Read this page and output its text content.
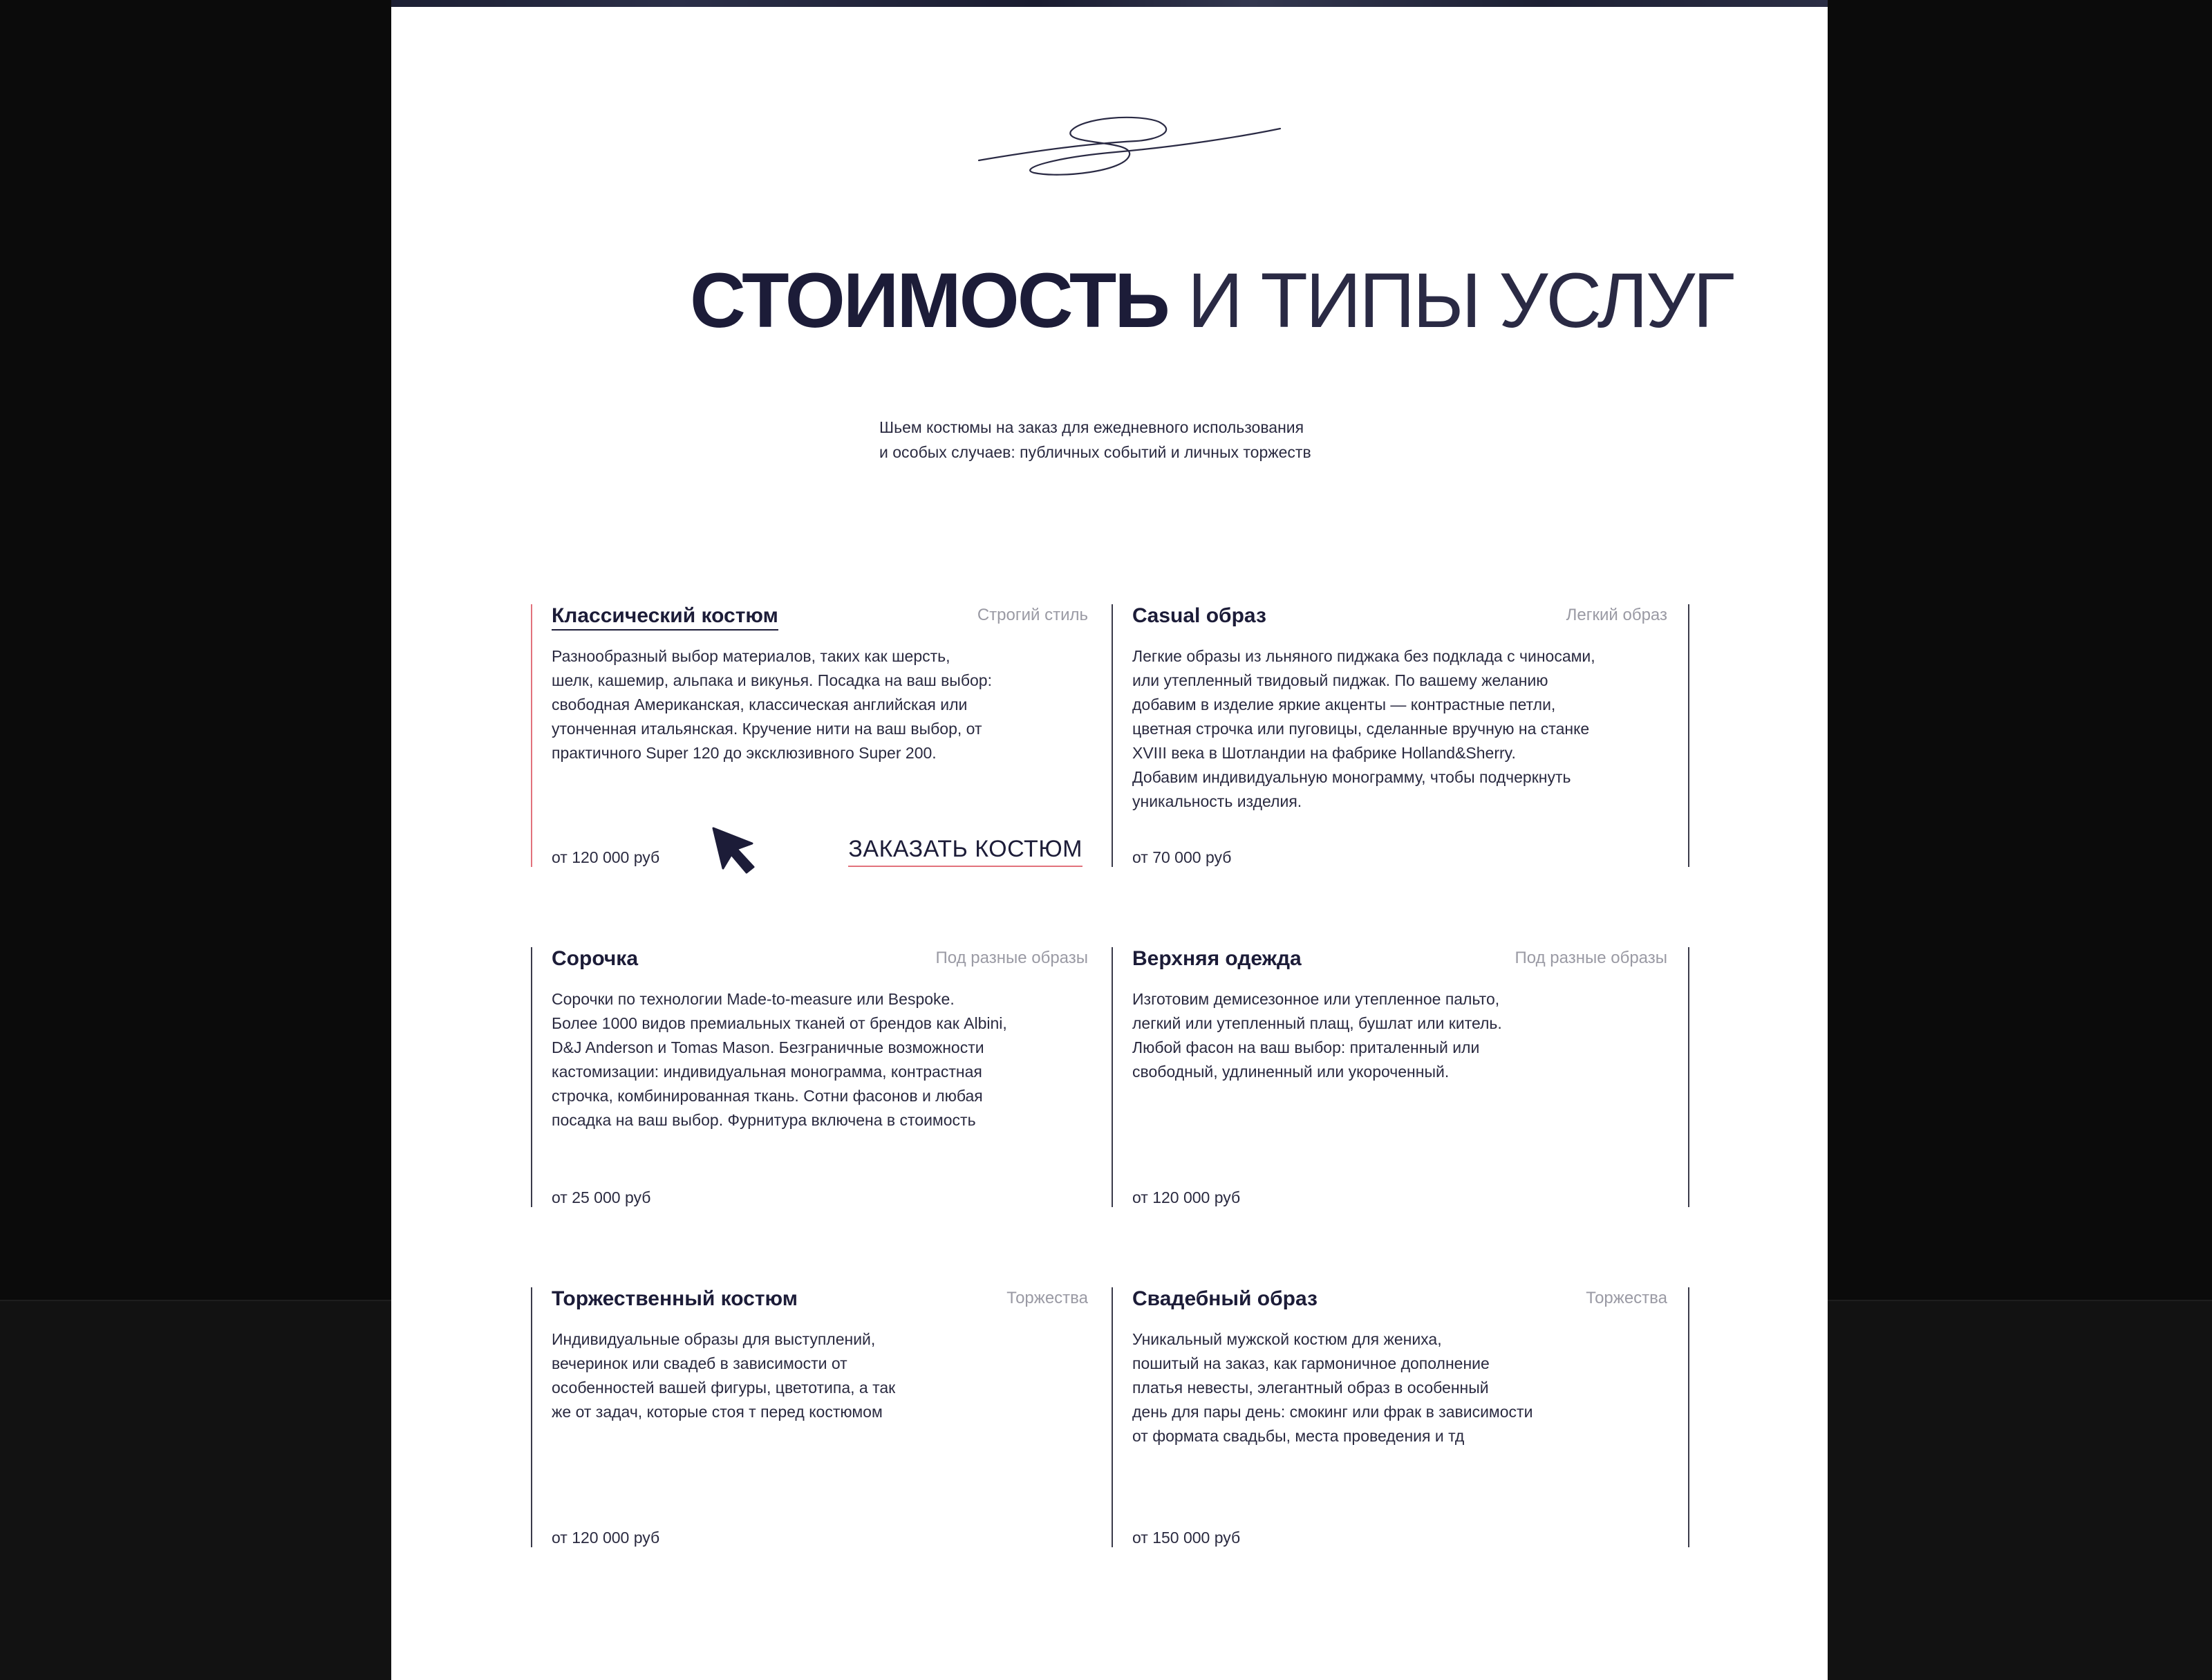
СТОИМОСТЬ И ТИПЫ УСЛУГ
Шьем костюмы на заказ для ежедневного использования
и особых случаев: публичных событий и личных торжеств
Классический костюм	Строгий стиль
Разнообразный выбор материалов, таких как шерсть,
шелк, кашемир, альпака и викунья. Посадка на ваш выбор:
свободная Американская, классическая английская или
утонченная итальянская. Кручение нити на ваш выбор, от
практичного Super 120 до эксклюзивного Super 200.
от 120 000 руб	ЗАКАЗАТЬ КОСТЮМ
Casual образ	Легкий образ
Легкие образы из льняного пиджака без подклада с чиносами,
или утепленный твидовый пиджак. По вашему желанию
добавим в изделие яркие акценты — контрастные петли,
цветная строчка или пуговицы, сделанные вручную на станке
XVIII века в Шотландии на фабрике Holland&Sherry.
Добавим индивидуальную монограмму, чтобы подчеркнуть
уникальность изделия.
от 70 000 руб
Сорочка	Под разные образы
Сорочки по технологии Made-to-measure или Bespoke.
Более 1000 видов премиальных тканей от брендов как Albini,
D&J Anderson и Tomas Mason. Безграничные возможности
кастомизации: индивидуальная монограмма, контрастная
строчка, комбинированная ткань. Сотни фасонов и любая
посадка на ваш выбор. Фурнитура включена в стоимость
от 25 000 руб
Верхняя одежда	Под разные образы
Изготовим демисезонное или утепленное пальто,
легкий или утепленный плащ, бушлат или китель.
Любой фасон на ваш выбор: приталенный или
свободный, удлиненный или укороченный.
от 120 000 руб
Торжественный костюм	Торжества
Индивидуальные образы для выступлений,
вечеринок или свадеб в зависимости от
особенностей вашей фигуры, цветотипа, а так
же от задач, которые стоя т перед костюмом
от 120 000 руб
Свадебный образ	Торжества
Уникальный мужской костюм для жениха,
пошитый на заказ, как гармоничное дополнение
платья невесты, элегантный образ в особенный
день для пары день: смокинг или фрак в зависимости
от формата свадьбы, места проведения и тд
от 150 000 руб
